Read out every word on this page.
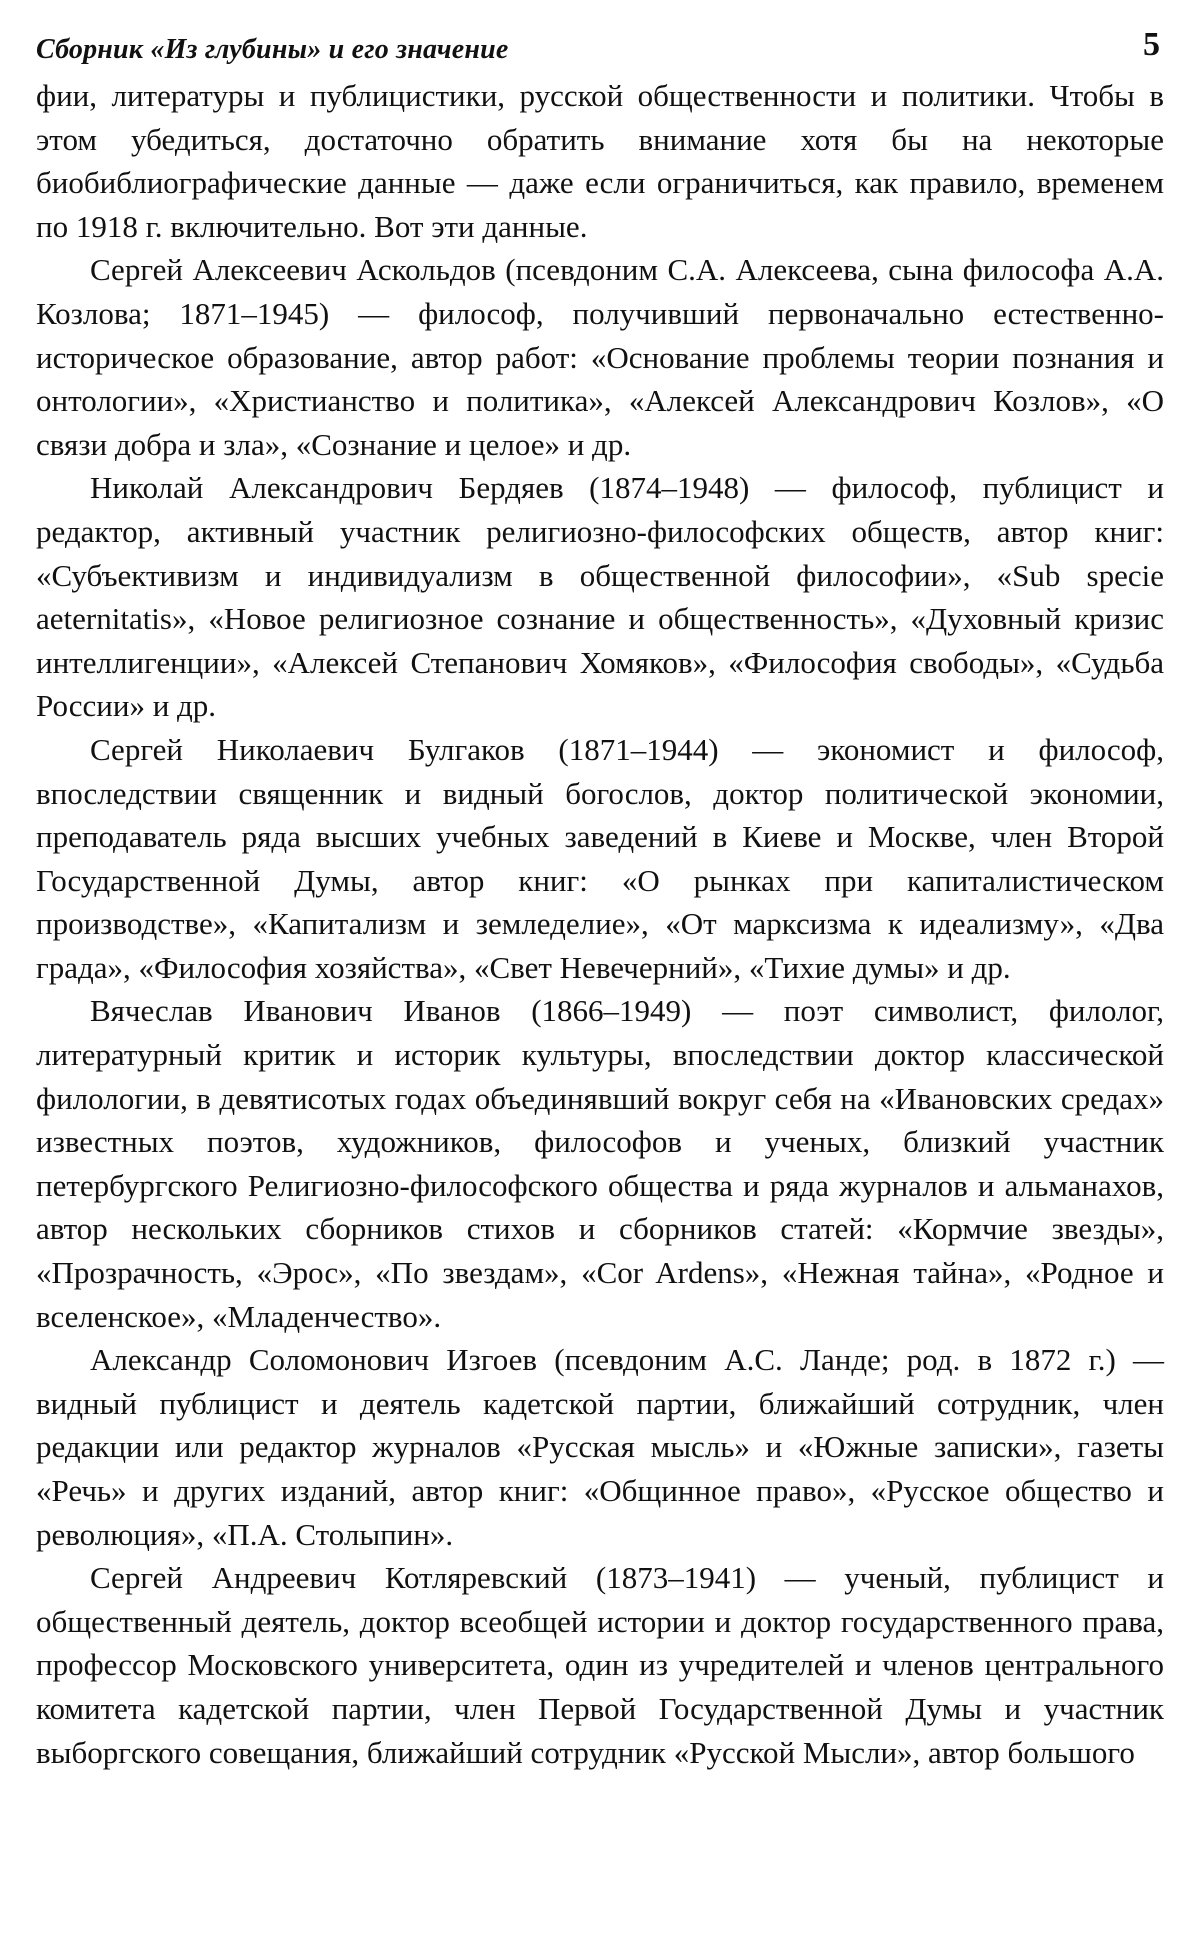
Сборник «Из глубины» и его значение	5

фии, литературы и публицистики, русской общественности и политики. Чтобы в этом убедиться, достаточно обратить внимание хотя бы на некоторые биобиблиографические данные — даже если ограничиться, как правило, временем по 1918 г. включительно. Вот эти данные.

Сергей Алексеевич Аскольдов (псевдоним С.А. Алексеева, сына философа А.А. Козлова; 1871–1945) — философ, получивший первоначально естественно-историческое образование, автор работ: «Основание проблемы теории познания и онтологии», «Христианство и политика», «Алексей Александрович Козлов», «О связи добра и зла», «Сознание и целое» и др.

Николай Александрович Бердяев (1874–1948) — философ, публицист и редактор, активный участник религиозно-философских обществ, автор книг: «Субъективизм и индивидуализм в общественной философии», «Sub specie aeternitatis», «Новое религиозное сознание и общественность», «Духовный кризис интеллигенции», «Алексей Степанович Хомяков», «Философия свободы», «Судьба России» и др.

Сергей Николаевич Булгаков (1871–1944) — экономист и философ, впоследствии священник и видный богослов, доктор политической экономии, преподаватель ряда высших учебных заведений в Киеве и Москве, член Второй Государственной Думы, автор книг: «О рынках при капиталистическом производстве», «Капитализм и земледелие», «От марксизма к идеализму», «Два града», «Философия хозяйства», «Свет Невечерний», «Тихие думы» и др.

Вячеслав Иванович Иванов (1866–1949) — поэт символист, филолог, литературный критик и историк культуры, впоследствии доктор классической филологии, в девятисотых годах объединявший вокруг себя на «Ивановских средах» известных поэтов, художников, философов и ученых, близкий участник петербургского Религиозно-философского общества и ряда журналов и альманахов, автор нескольких сборников стихов и сборников статей: «Кормчие звезды», «Прозрачность, «Эрос», «По звездам», «Cor Ardens», «Нежная тайна», «Родное и вселенское», «Младенчество».

Александр Соломонович Изгоев (псевдоним А.С. Ланде; род. в 1872 г.) — видный публицист и деятель кадетской партии, ближайший сотрудник, член редакции или редактор журналов «Русская мысль» и «Южные записки», газеты «Речь» и других изданий, автор книг: «Общинное право», «Русское общество и революция», «П.А. Столыпин».

Сергей Андреевич Котляревский (1873–1941) — ученый, публицист и общественный деятель, доктор всеобщей истории и доктор государственного права, профессор Московского университета, один из учредителей и членов центрального комитета кадетской партии, член Первой Государственной Думы и участник выборгского совещания, ближайший сотрудник «Русской Мысли», автор большого
